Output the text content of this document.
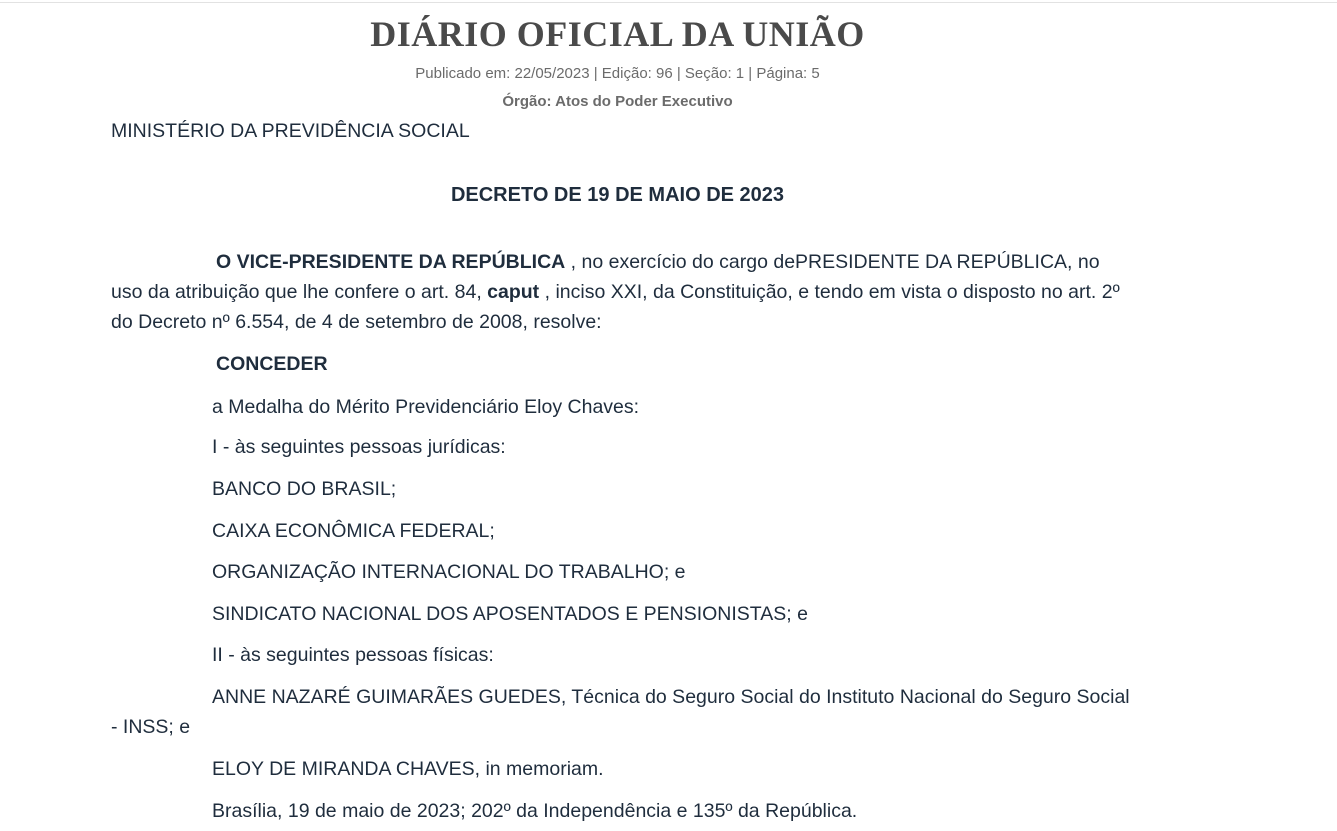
DIÁRIO OFICIAL DA UNIÃO
Publicado em: 22/05/2023 | Edição: 96 | Seção: 1 | Página: 5
Órgão: Atos do Poder Executivo
MINISTÉRIO DA PREVIDÊNCIA SOCIAL
DECRETO DE 19 DE MAIO DE 2023
O VICE-PRESIDENTE DA REPÚBLICA , no exercício do cargo dePRESIDENTE DA REPÚBLICA, no uso da atribuição que lhe confere o art. 84, caput , inciso XXI, da Constituição, e tendo em vista o disposto no art. 2º do Decreto nº 6.554, de 4 de setembro de 2008, resolve:
CONCEDER
a Medalha do Mérito Previdenciário Eloy Chaves:
I - às seguintes pessoas jurídicas:
BANCO DO BRASIL;
CAIXA ECONÔMICA FEDERAL;
ORGANIZAÇÃO INTERNACIONAL DO TRABALHO; e
SINDICATO NACIONAL DOS APOSENTADOS E PENSIONISTAS; e
II - às seguintes pessoas físicas:
ANNE NAZARÉ GUIMARÃES GUEDES, Técnica do Seguro Social do Instituto Nacional do Seguro Social - INSS; e
ELOY DE MIRANDA CHAVES, in memoriam.
Brasília, 19 de maio de 2023; 202º da Independência e 135º da República.
